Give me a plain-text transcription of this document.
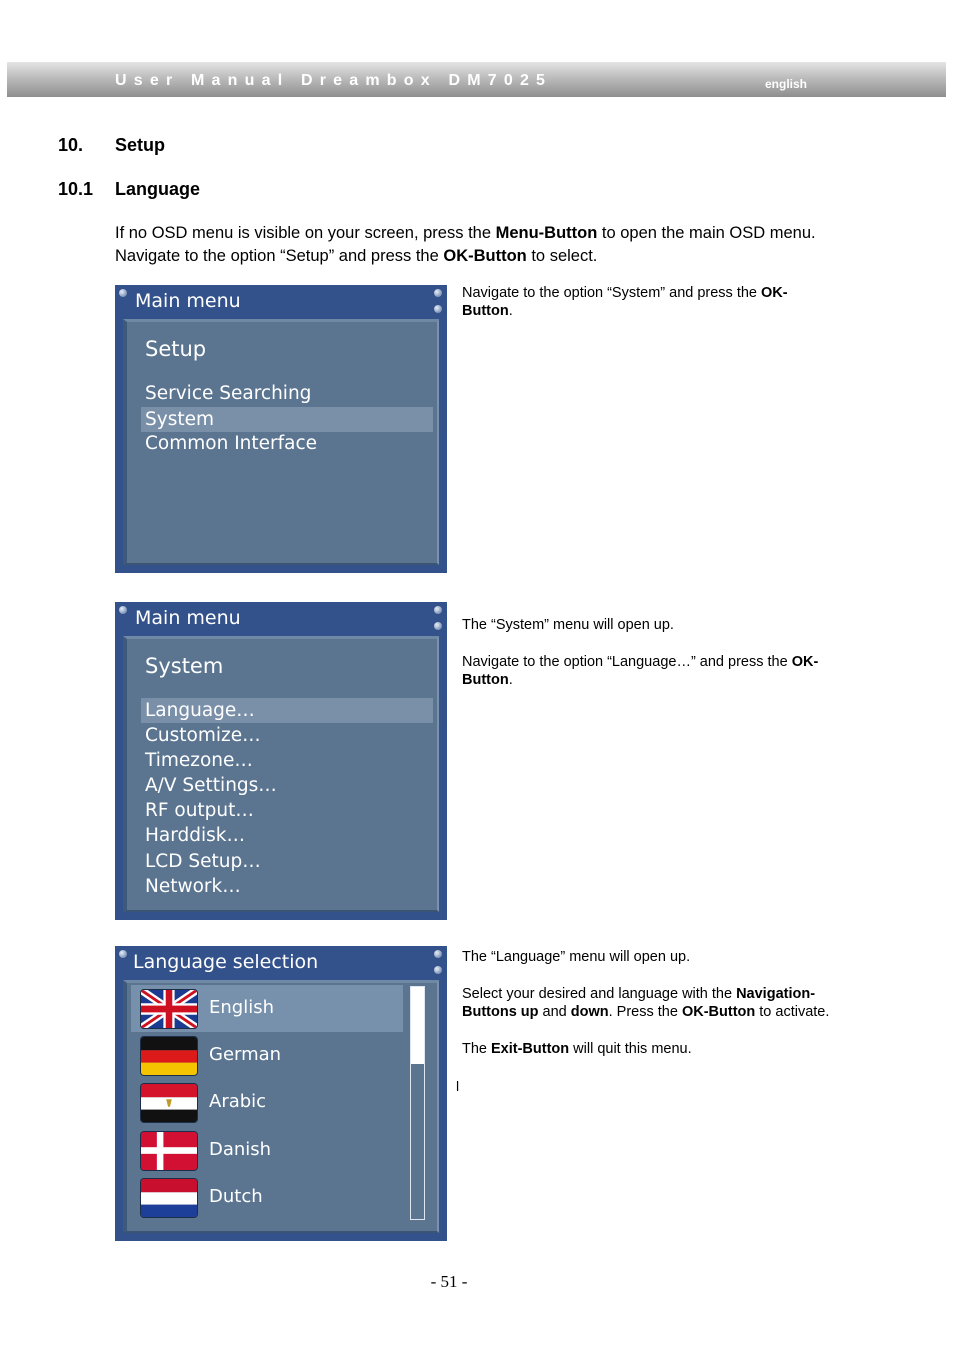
User Manual Dreambox DM7025	english
10. Setup
10.1 Language
If no OSD menu is visible on your screen, press the Menu-Button to open the main OSD menu. Navigate to the option “Setup” and press the OK-Button to select.
Main menu
Setup
Service Searching
System
Common Interface

Navigate to the option “System” and press the OK-Button.

Main menu
System
Language…
Customize…
Timezone…
A/V Settings…
RF output…
Harddisk…
LCD Setup…
Network…

The “System” menu will open up.

Navigate to the option “Language…” and press the OK-Button.

Language selection
English
German
Arabic
Danish
Dutch

The “Language” menu will open up.

Select your desired and language with the Navigation-Buttons up and down. Press the OK-Button to activate.

The Exit-Button will quit this menu.

l
- 51 -
